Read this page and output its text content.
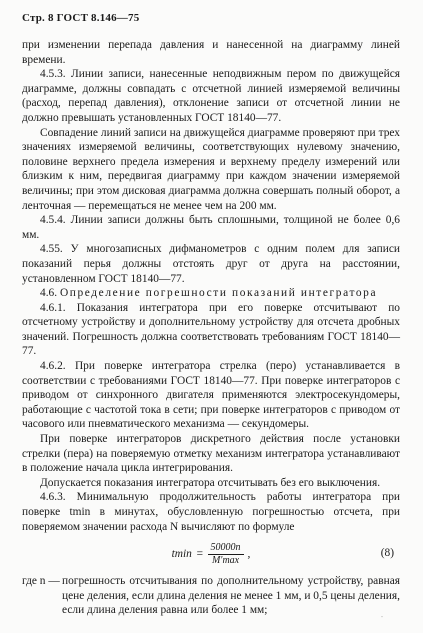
Стр. 8 ГОСТ 8.146—75

при изменении перепада давления и нанесенной на диаграмму линей времени.

4.5.3. Линии записи, нанесенные неподвижным пером по движущейся диаграмме, должны совпадать с отсчетной линией измеряемой величины (расход, перепад давления), отклонение записи от отсчетной линии не должно превышать установленных ГОСТ 18140—77.

Совпадение линий записи на движущейся диаграмме проверяют при трех значениях измеряемой величины, соответствующих нулевому значению, половине верхнего предела измерения и верхнему пределу измерений или близким к ним, передвигая диаграмму при каждом значении измеряемой величины; при этом дисковая диаграмма должна совершать полный оборот, а ленточная — перемещаться не менее чем на 200 мм.

4.5.4. Линии записи должны быть сплошными, толщиной не более 0,6 мм.

4.55. У многозаписных дифманометров с одним полем для записи показаний перья должны отстоять друг от друга на расстоянии, установленном ГОСТ 18140—77.

4.6. Определение погрешности показаний интегратора

4.6.1. Показания интегратора при его поверке отсчитывают по отсчетному устройству и дополнительному устройству для отсчета дробных значений. Погрешность должна соответствовать требованиям ГОСТ 18140—77.

4.6.2. При поверке интегратора стрелка (перо) устанавливается в соответствии с требованиями ГОСТ 18140—77. При поверке интеграторов с приводом от синхронного двигателя применяются электросекундомеры, работающие с частотой тока в сети; при поверке интеграторов с приводом от часового или пневматического механизма — секундомеры.

При поверке интеграторов дискретного действия после установки стрелки (пера) на поверяемую отметку механизм интегратора устанавливают в положение начала цикла интегрирования.

Допускается показания интегратора отсчитывать без его выключения.

4.6.3. Минимальную продолжительность работы интегратора при поверке tmin в минутах, обусловленную погрешностью отсчета, при поверяемом значении расхода N вычисляют по формуле

$tmin = \frac{50000n}{M'\max}$ ,	(8)
где n — погрешность отсчитывания по дополнительному устройству, равная цене деления, если длина деления не менее 1 мм, и 0,5 цены деления, если длина деления равна или более 1 мм;
